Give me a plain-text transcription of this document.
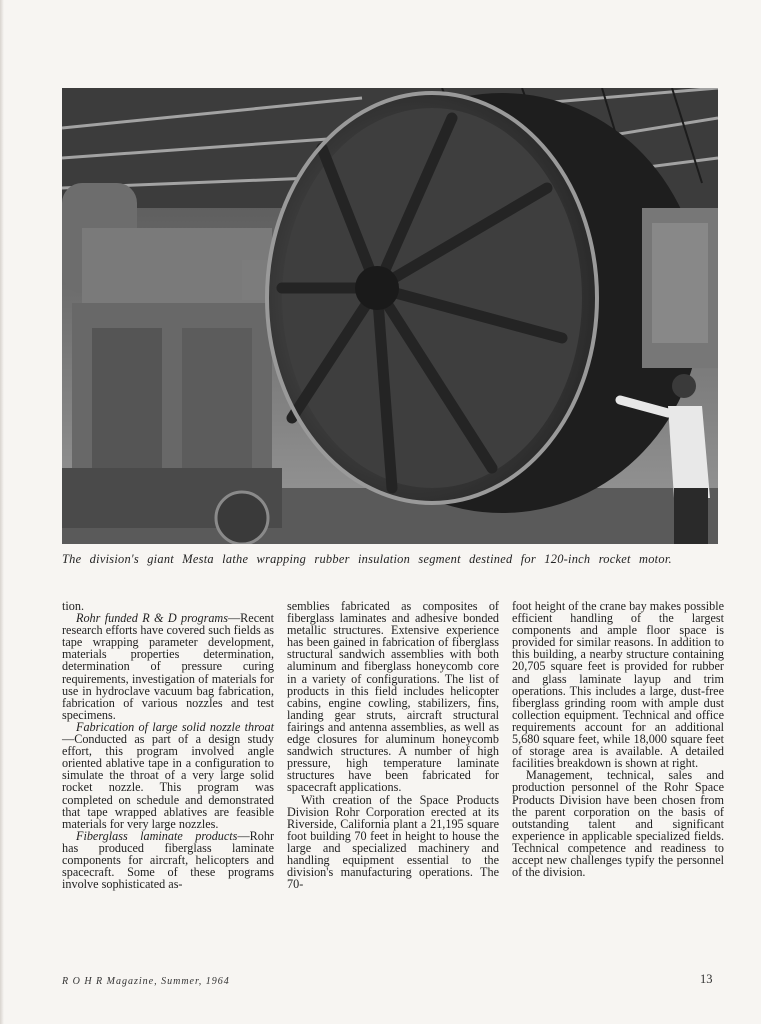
The division's giant Mesta lathe wrapping rubber insulation segment destined for 120-inch rocket motor.

tion.

Rohr funded R & D programs—Recent research efforts have covered such fields as tape wrapping parameter development, materials properties determination, determination of pressure curing requirements, investigation of materials for use in hydroclave vacuum bag fabrication, fabrication of various nozzles and test specimens.

Fabrication of large solid nozzle throat—Conducted as part of a design study effort, this program involved angle oriented ablative tape in a configuration to simulate the throat of a very large solid rocket nozzle. This program was completed on schedule and demonstrated that tape wrapped ablatives are feasible materials for very large nozzles.

Fiberglass laminate products—Rohr has produced fiberglass laminate components for aircraft, helicopters and spacecraft. Some of these programs involve sophisticated as-

semblies fabricated as composites of fiberglass laminates and adhesive bonded metallic structures. Extensive experience has been gained in fabrication of fiberglass structural sandwich assemblies with both aluminum and fiberglass honeycomb core in a variety of configurations. The list of products in this field includes helicopter cabins, engine cowling, stabilizers, fins, landing gear struts, aircraft structural fairings and antenna assemblies, as well as edge closures for aluminum honeycomb sandwich structures. A number of high pressure, high temperature laminate structures have been fabricated for spacecraft applications.

With creation of the Space Products Division Rohr Corporation erected at its Riverside, California plant a 21,195 square foot building 70 feet in height to house the large and specialized machinery and handling equipment essential to the division's manufacturing operations. The 70-

foot height of the crane bay makes possible efficient handling of the largest components and ample floor space is provided for similar reasons. In addition to this building, a nearby structure containing 20,705 square feet is provided for rubber and glass laminate layup and trim operations. This includes a large, dust-free fiberglass grinding room with ample dust collection equipment. Technical and office requirements account for an additional 5,680 square feet, while 18,000 square feet of storage area is available. A detailed facilities breakdown is shown at right.

Management, technical, sales and production personnel of the Rohr Space Products Division have been chosen from the parent corporation on the basis of outstanding talent and significant experience in applicable specialized fields. Technical competence and readiness to accept new challenges typify the personnel of the division.

R O H R Magazine, Summer, 1964	13
